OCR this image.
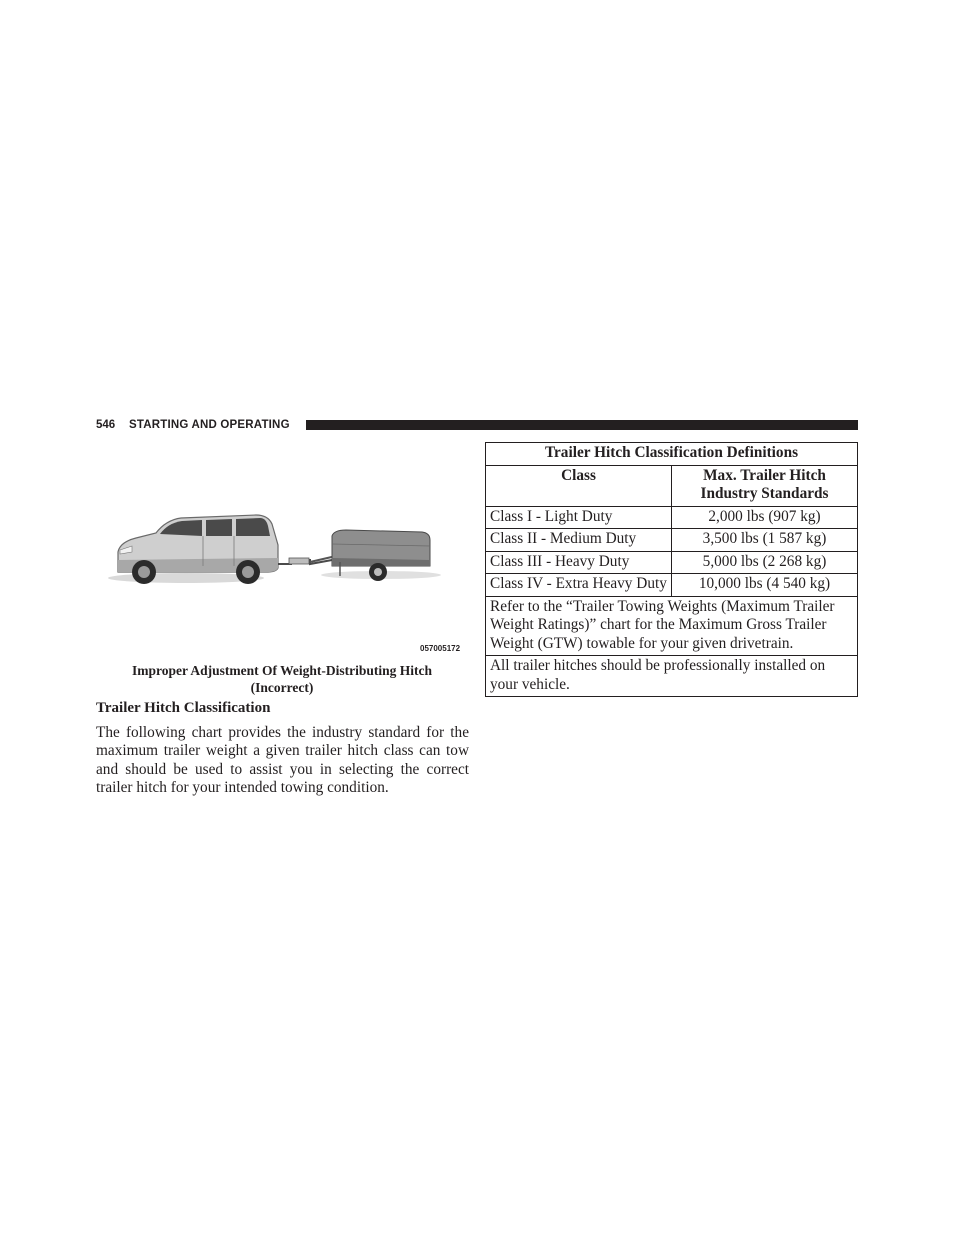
546 STARTING AND OPERATING
057005172
Improper Adjustment Of Weight-Distributing Hitch
(Incorrect)
Trailer Hitch Classification

The following chart provides the industry standard for the maximum trailer weight a given trailer hitch class can tow and should be used to assist you in selecting the correct trailer hitch for your intended towing condition.

Trailer Hitch Classification Definitions	
Class	Max. Trailer Hitch
Industry Standards

Class I - Light Duty	2,000 lbs (907 kg)
Class II - Medium Duty	3,500 lbs (1 587 kg)
Class III - Heavy Duty	5,000 lbs (2 268 kg)
Class IV - Extra Heavy Duty	10,000 lbs (4 540 kg)
Refer to the “Trailer Towing Weights (Maximum Trailer Weight Ratings)” chart for the Maximum Gross Trailer Weight (GTW) towable for your given drivetrain.	
All trailer hitches should be professionally installed on your vehicle.	
